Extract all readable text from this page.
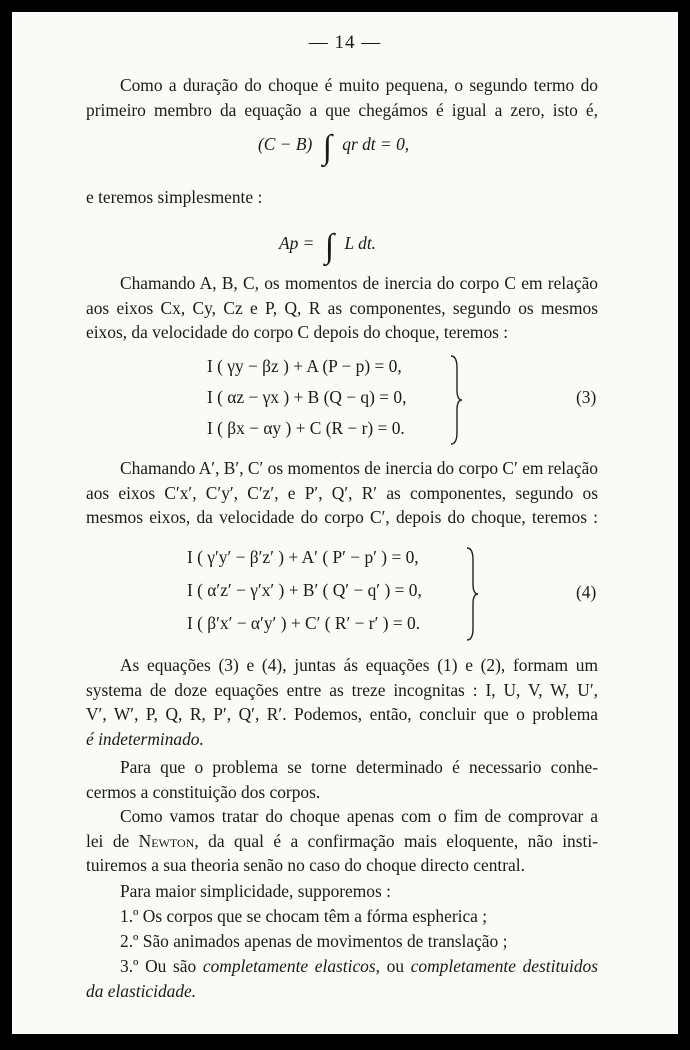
— 14 —
Como a duração do choque é muito pequena, o segundo termo do
primeiro membro da equação a que chegámos é igual a zero, isto é,
(C − B) ∫ qr dt = 0,
e teremos simplesmente :
Ap = ∫ L dt.
Chamando A, B, C, os momentos de inercia do corpo C em relação
aos eixos Cx, Cy, Cz e P, Q, R as componentes, segundo os mesmos
eixos, da velocidade do corpo C depois do choque, teremos :
I ( γy − βz ) + A (P − p) = 0,
I ( αz − γx ) + B (Q − q) = 0,
I ( βx − αy ) + C (R − r) = 0.
(3)
Chamando A′, B′, C′ os momentos de inercia do corpo C′ em relação
aos eixos C′x′, C′y′, C′z′, e P′, Q′, R′ as componentes, segundo os
mesmos eixos, da velocidade do corpo C′, depois do choque, teremos :
I ( γ′y′ − β′z′ ) + A′ ( P′ − p′ ) = 0,
I ( α′z′ − γ′x′ ) + B′ ( Q′ − q′ ) = 0,
I ( β′x′ − α′y′ ) + C′ ( R′ − r′ ) = 0.
(4)
As equações (3) e (4), juntas ás equações (1) e (2), formam um
systema de doze equações entre as treze incognitas : I, U, V, W, U′,
V′, W′, P, Q, R, P′, Q′, R′. Podemos, então, concluir que o problema
é indeterminado.
Para que o problema se torne determinado é necessario conhe-
cermos a constituição dos corpos.
Como vamos tratar do choque apenas com o fim de comprovar a
lei de Newton, da qual é a confirmação mais eloquente, não insti-
tuiremos a sua theoria senão no caso do choque directo central.
Para maior simplicidade, supporemos :
1.º Os corpos que se chocam têm a fórma espherica ;
2.º São animados apenas de movimentos de translação ;
3.º Ou são completamente elasticos, ou completamente destituidos
da elasticidade.
